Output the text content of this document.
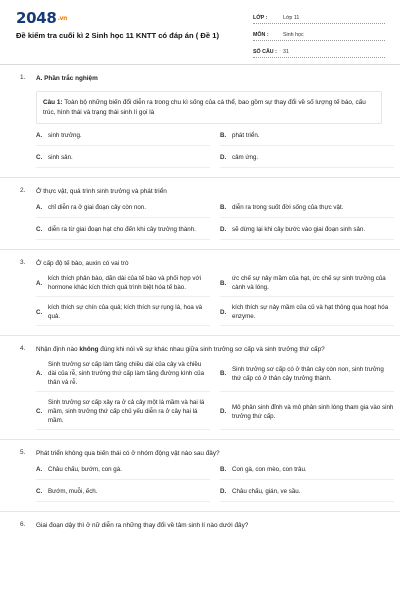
$2048^{.vn}$
Đề kiểm tra cuối kì 2 Sinh học 11 KNTT có đáp án ( Đề 1)
LỚP :	Lớp 11
MÔN :	Sinh học
SỐ CÂU :	31
1. A. Phần trắc nghiệm
Câu 1: Toàn bộ những biến đổi diễn ra trong chu kì sống của cá thể, bao gồm sự thay đổi về số lượng tế bào, cấu trúc, hình thái và trạng thái sinh lí gọi là
A. sinh trưởng.	B. phát triển.
C. sinh sản.	D. cảm ứng.
2. Ở thực vật, quá trình sinh trưởng và phát triển
A. chỉ diễn ra ở giai đoạn cây còn non.	B. diễn ra trong suốt đời sống của thực vật.
C. diễn ra từ giai đoạn hạt cho đến khi cây trưởng thành.	D. sẽ dừng lại khi cây bước vào giai đoạn sinh sản.
3. Ở cấp độ tế bào, auxin có vai trò
A.
kích thích phân bào, dãn dài của tế bào và phối hợp với hormone khác kích thích quá trình biệt hóa tế bào.
B.
ức chế sự nảy mầm của hạt, ức chế sự sinh trưởng của cành và lóng.
C.
kích thích sự chín của quả; kích thích sự rụng lá, hoa và quả.
D.
kích thích sự nảy mầm của củ và hạt thông qua hoạt hóa enzyme.
4. Nhận định nào không đúng khi nói về sự khác nhau giữa sinh trưởng sơ cấp và sinh trưởng thứ cấp?
A.
Sinh trưởng sơ cấp làm tăng chiều dài của cây và chiều dài của rễ, sinh trưởng thứ cấp làm tăng đường kính của thân và rễ.
B.
Sinh trưởng sơ cấp có ở thân cây còn non, sinh trưởng thứ cấp có ở thân cây trưởng thành.
C.
Sinh trưởng sơ cấp xảy ra ở cả cây một lá mầm và hai lá mầm, sinh trưởng thứ cấp chủ yếu diễn ra ở cây hai lá mầm.
D.
Mô phân sinh đỉnh và mô phân sinh lóng tham gia vào sinh trưởng thứ cấp.
5. Phát triển không qua biến thái có ở nhóm động vật nào sau đây?
A. Châu chấu, bướm, con gà.	B. Con gà, con mèo, con trâu.
C. Bướm, muỗi, ếch.	D. Châu chấu, gián, ve sầu.
6. Giai đoạn dậy thì ở nữ diễn ra những thay đổi về tâm sinh lí nào dưới đây?
